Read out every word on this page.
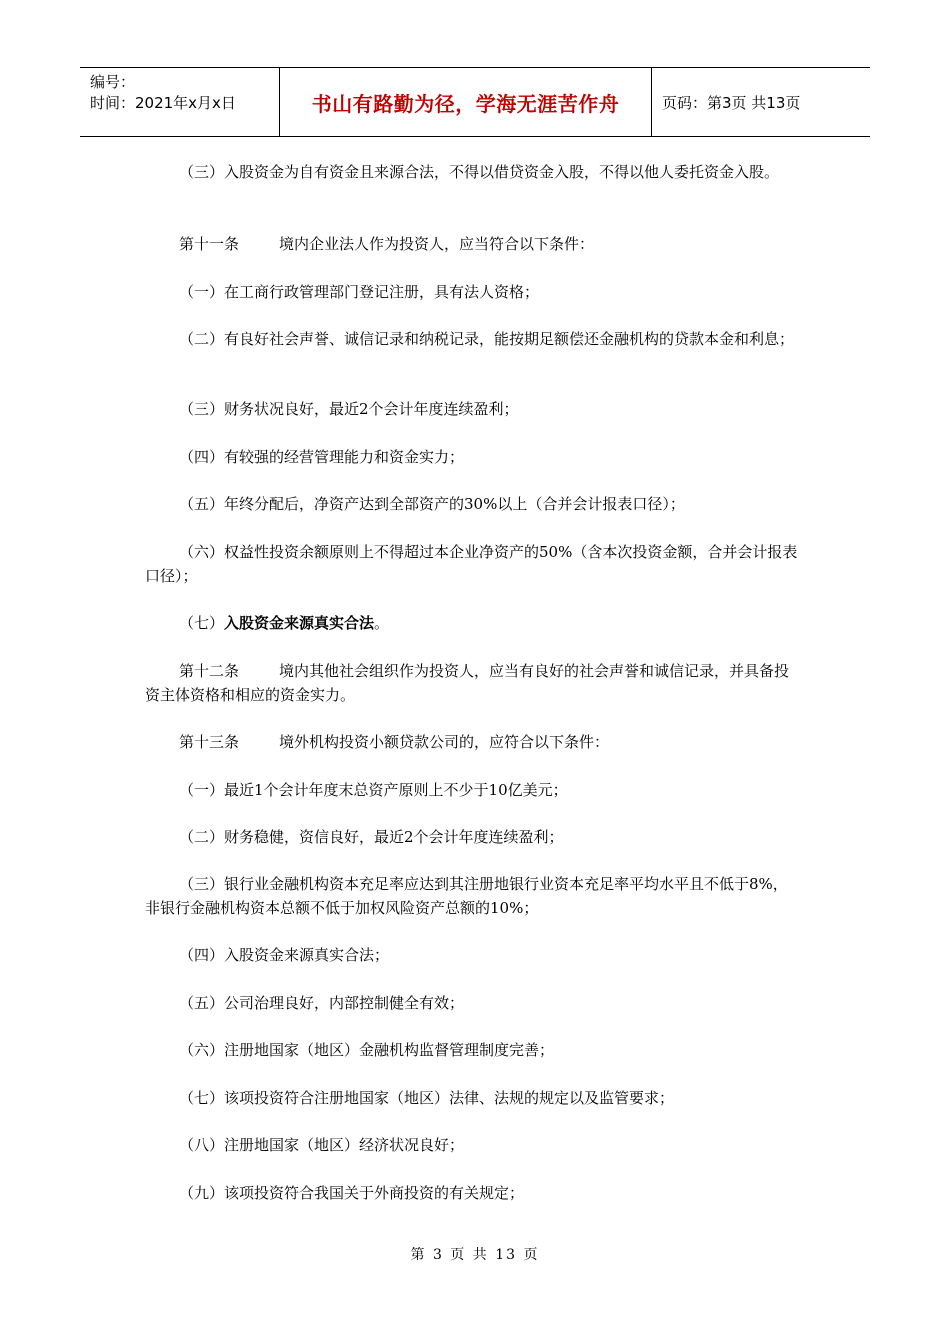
编号：
时间：2021年x月x日	书山有路勤为径，学海无涯苦作舟	页码：第3页 共13页
（三）入股资金为自有资金且来源合法，不得以借贷资金入股，不得以他人委托资金入股。
第十一条	境内企业法人作为投资人，应当符合以下条件：
（一）在工商行政管理部门登记注册，具有法人资格；
（二）有良好社会声誉、诚信记录和纳税记录，能按期足额偿还金融机构的贷款本金和利息；
（三）财务状况良好，最近2个会计年度连续盈利；
（四）有较强的经营管理能力和资金实力；
（五）年终分配后，净资产达到全部资产的30%以上（合并会计报表口径）；
（六）权益性投资余额原则上不得超过本企业净资产的50%（含本次投资金额，合并会计报表口径）；
（七）入股资金来源真实合法。
第十二条	境内其他社会组织作为投资人，应当有良好的社会声誉和诚信记录，并具备投资主体资格和相应的资金实力。
第十三条	境外机构投资小额贷款公司的，应符合以下条件：
（一）最近1个会计年度末总资产原则上不少于10亿美元；
（二）财务稳健，资信良好，最近2个会计年度连续盈利；
（三）银行业金融机构资本充足率应达到其注册地银行业资本充足率平均水平且不低于8%，非银行金融机构资本总额不低于加权风险资产总额的10%；
（四）入股资金来源真实合法；
（五）公司治理良好，内部控制健全有效；
（六）注册地国家（地区）金融机构监督管理制度完善；
（七）该项投资符合注册地国家（地区）法律、法规的规定以及监管要求；
（八）注册地国家（地区）经济状况良好；
（九）该项投资符合我国关于外商投资的有关规定；
第 3 页 共 13 页
